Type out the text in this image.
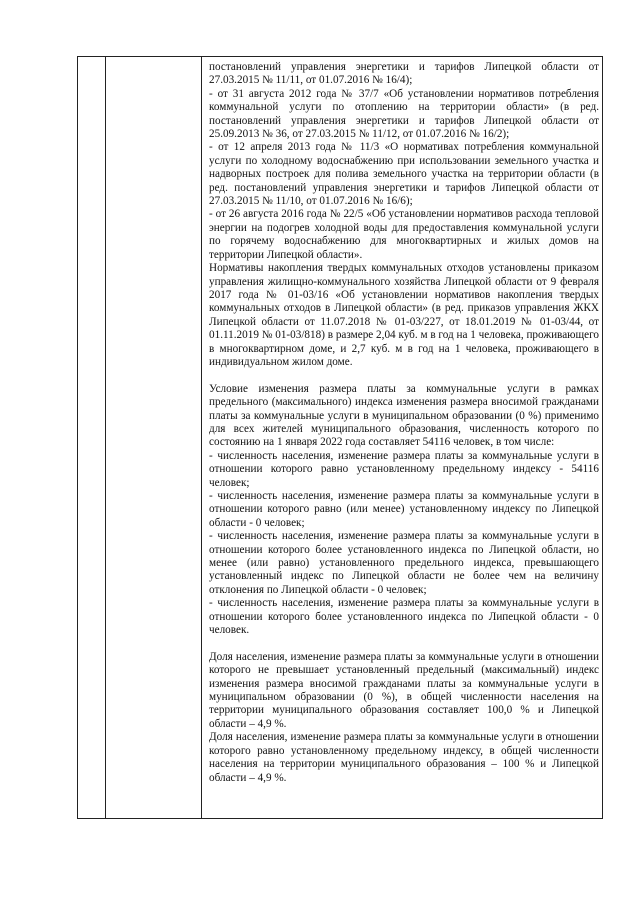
постановлений управления энергетики и тарифов Липецкой области от 27.03.2015 № 11/11, от 01.07.2016 № 16/4);

- от 31 августа 2012 года № 37/7 «Об установлении нормативов потребления коммунальной услуги по отоплению на территории области» (в ред. постановлений управления энергетики и тарифов Липецкой области от 25.09.2013 № 36, от 27.03.2015 № 11/12, от 01.07.2016 № 16/2);

- от 12 апреля 2013 года № 11/3 «О нормативах потребления коммунальной услуги по холодному водоснабжению при использовании земельного участка и надворных построек для полива земельного участка на территории области (в ред. постановлений управления энергетики и тарифов Липецкой области от 27.03.2015 № 11/10, от 01.07.2016 № 16/6);

- от 26 августа 2016 года № 22/5 «Об установлении нормативов расхода тепловой энергии на подогрев холодной воды для предоставления коммунальной услуги по горячему водоснабжению для многоквартирных и жилых домов на территории Липецкой области».

Нормативы накопления твердых коммунальных отходов установлены приказом управления жилищно-коммунального хозяйства Липецкой области от 9 февраля 2017 года № 01-03/16 «Об установлении нормативов накопления твердых коммунальных отходов в Липецкой области» (в ред. приказов управления ЖКХ Липецкой области от 11.07.2018 № 01-03/227, от 18.01.2019 № 01-03/44, от 01.11.2019 № 01-03/818) в размере 2,04 куб. м в год на 1 человека, проживающего в многоквартирном доме, и 2,7 куб. м в год на 1 человека, проживающего в индивидуальном жилом доме.

Условие изменения размера платы за коммунальные услуги в рамках предельного (максимального) индекса изменения размера вносимой гражданами платы за коммунальные услуги в муниципальном образовании (0 %) применимо для всех жителей муниципального образования, численность которого по состоянию на 1 января 2022 года составляет 54116 человек, в том числе:

- численность населения, изменение размера платы за коммунальные услуги в отношении которого равно установленному предельному индексу - 54116 человек;

- численность населения, изменение размера платы за коммунальные услуги в отношении которого равно (или менее) установленному индексу по Липецкой области - 0 человек;

- численность населения, изменение размера платы за коммунальные услуги в отношении которого более установленного индекса по Липецкой области, но менее (или равно) установленного предельного индекса, превышающего установленный индекс по Липецкой области не более чем на величину отклонения по Липецкой области - 0 человек;

- численность населения, изменение размера платы за коммунальные услуги в отношении которого более установленного индекса по Липецкой области - 0 человек.

Доля населения, изменение размера платы за коммунальные услуги в отношении которого не превышает установленный предельный (максимальный) индекс изменения размера вносимой гражданами платы за коммунальные услуги в муниципальном образовании (0 %), в общей численности населения на территории муниципального образования составляет 100,0 % и Липецкой области – 4,9 %.

Доля населения, изменение размера платы за коммунальные услуги в отношении которого равно установленному предельному индексу, в общей численности населения на территории муниципального образования – 100 % и Липецкой области – 4,9 %.
